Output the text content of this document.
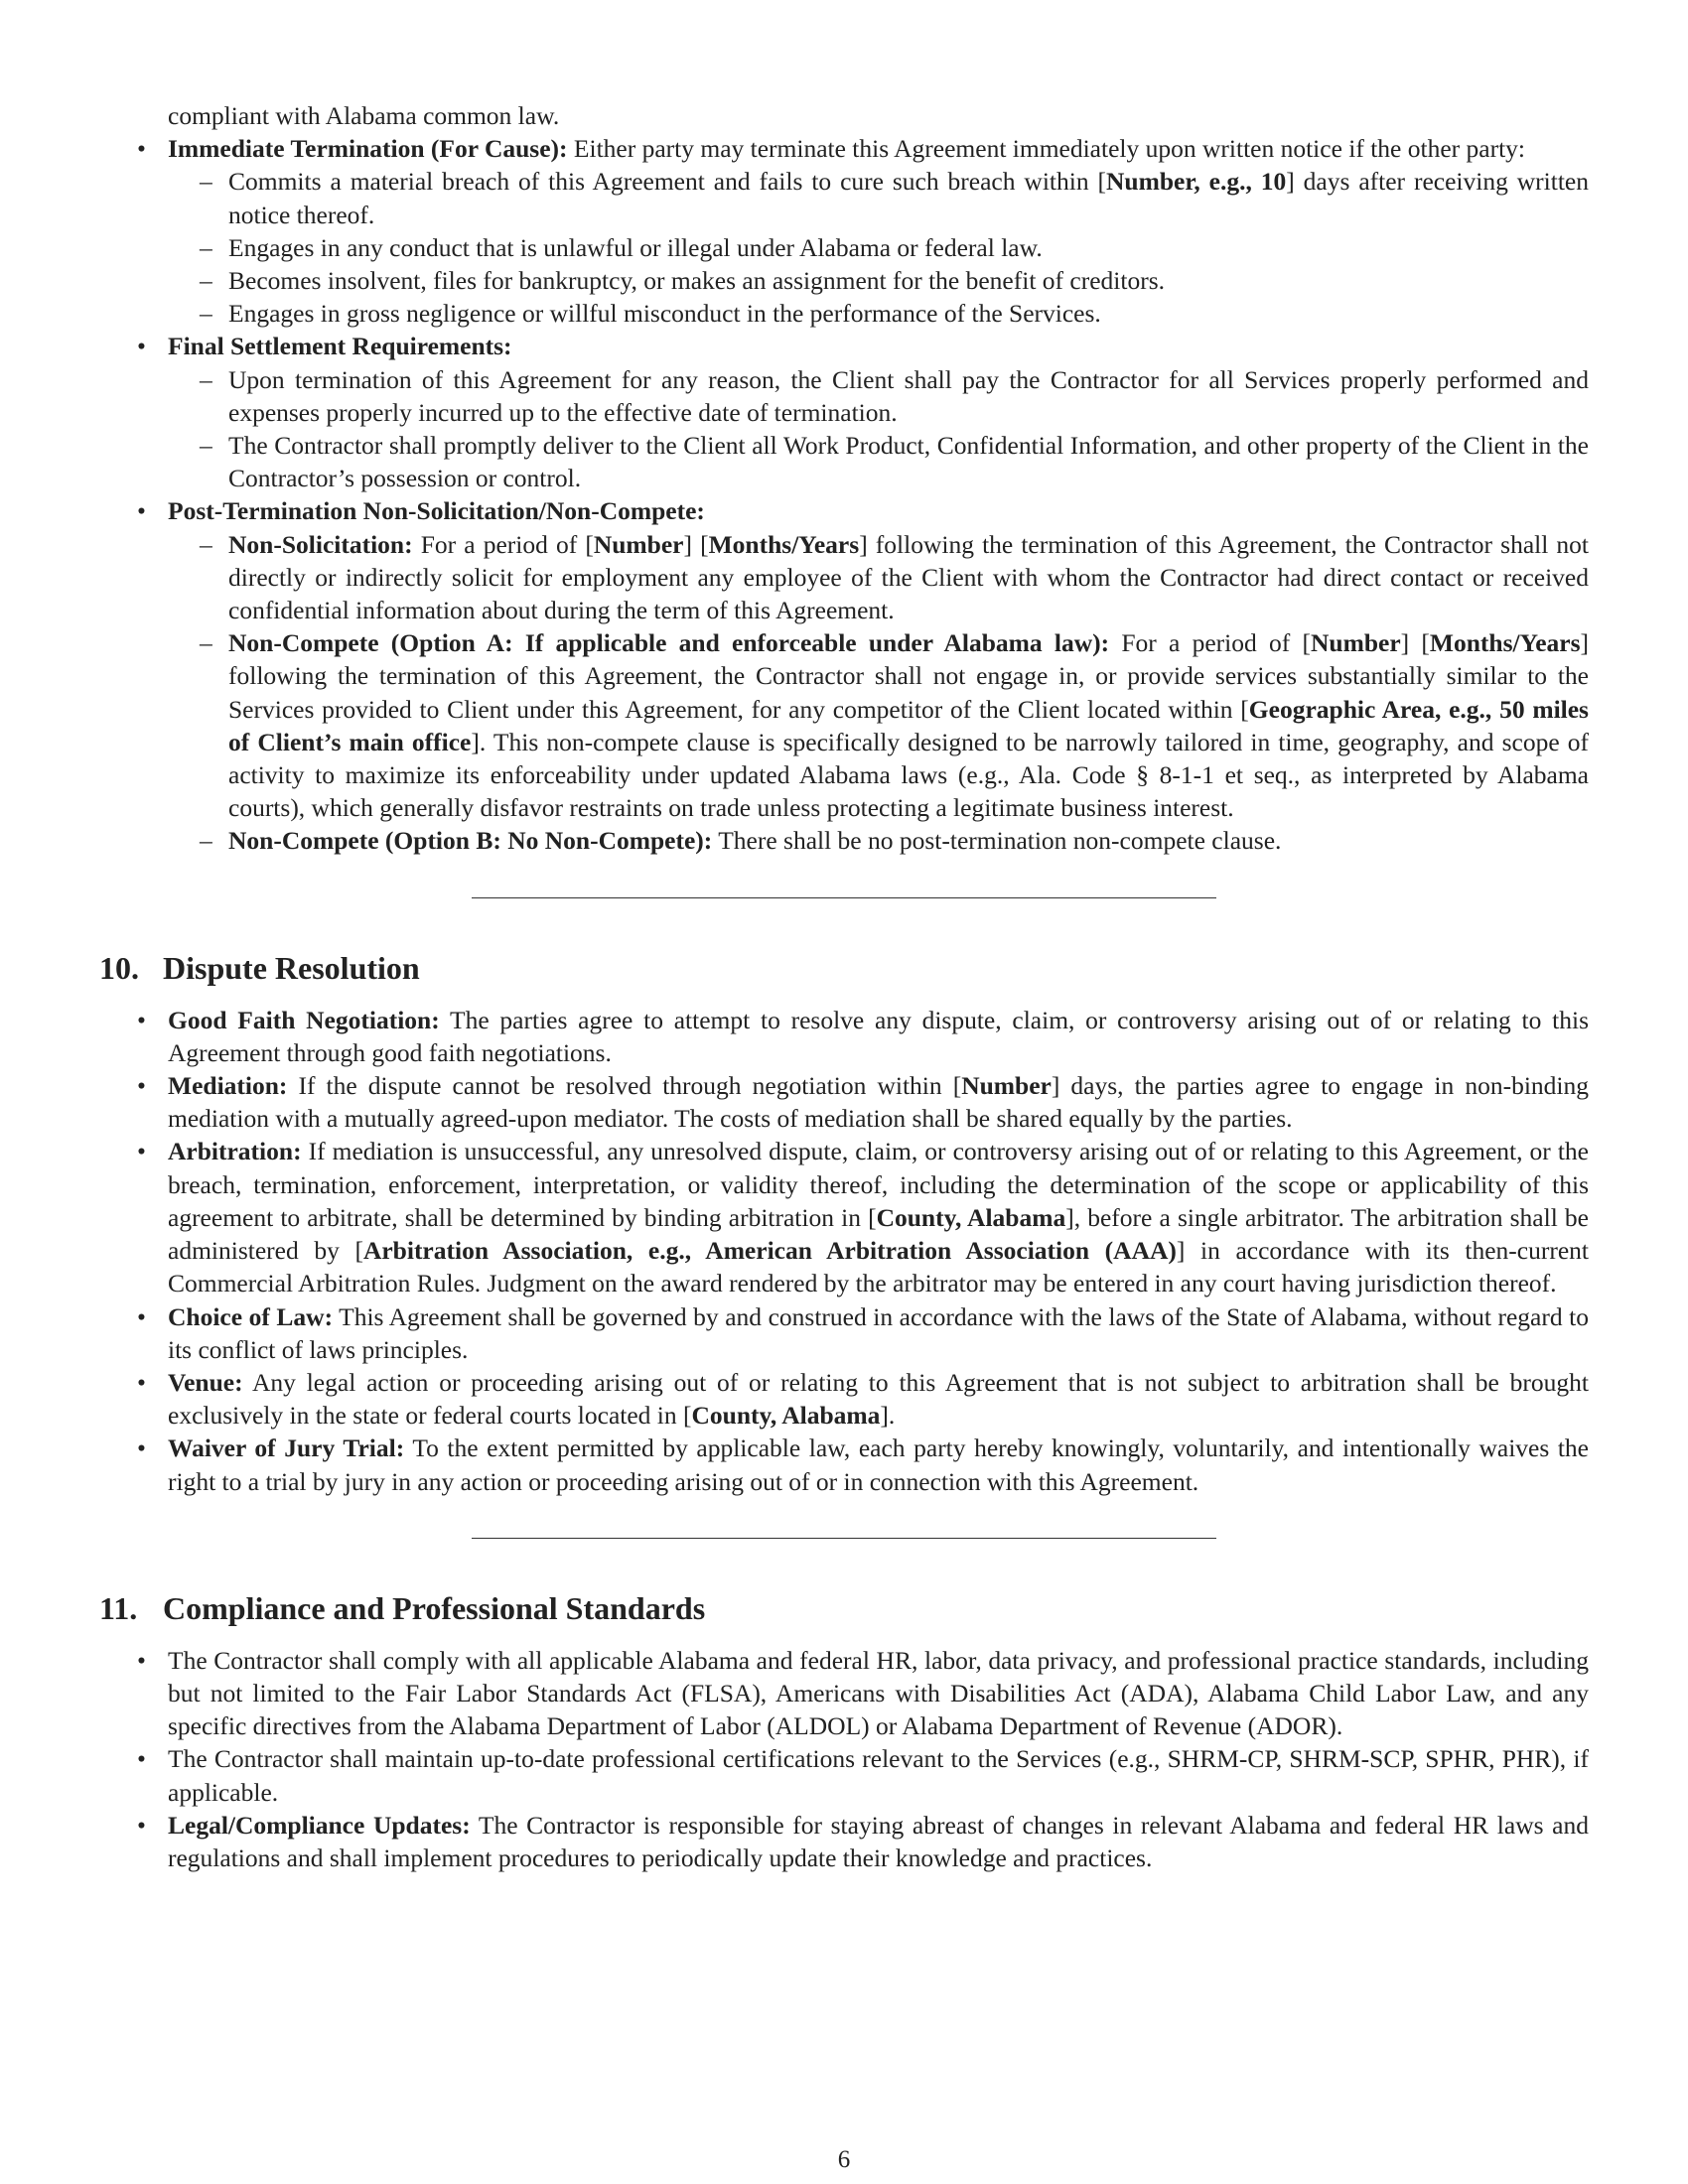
compliant with Alabama common law.

• Immediate Termination (For Cause): Either party may terminate this Agreement immediately upon written notice if the other party:
– Commits a material breach of this Agreement and fails to cure such breach within [Number, e.g., 10] days after receiving written notice thereof.
– Engages in any conduct that is unlawful or illegal under Alabama or federal law.
– Becomes insolvent, files for bankruptcy, or makes an assignment for the benefit of creditors.
– Engages in gross negligence or willful misconduct in the performance of the Services.
• Final Settlement Requirements:
– Upon termination of this Agreement for any reason, the Client shall pay the Contractor for all Services properly performed and expenses properly incurred up to the effective date of termination.
– The Contractor shall promptly deliver to the Client all Work Product, Confidential Information, and other property of the Client in the Contractor’s possession or control.
• Post-Termination Non-Solicitation/Non-Compete:
– Non-Solicitation: For a period of [Number] [Months/Years] following the termination of this Agreement, the Contractor shall not directly or indirectly solicit for employment any employee of the Client with whom the Contractor had direct contact or received confidential information about during the term of this Agreement.
– Non-Compete (Option A: If applicable and enforceable under Alabama law): For a period of [Number] [Months/Years] following the termination of this Agreement, the Contractor shall not engage in, or provide services substantially similar to the Services provided to Client under this Agreement, for any competitor of the Client located within [Geographic Area, e.g., 50 miles of Client’s main office]. This non-compete clause is specifically designed to be narrowly tailored in time, geography, and scope of activity to maximize its enforceability under updated Alabama laws (e.g., Ala. Code § 8-1-1 et seq., as interpreted by Alabama courts), which generally disfavor restraints on trade unless protecting a legitimate business interest.
– Non-Compete (Option B: No Non-Compete): There shall be no post-termination non-compete clause.
10. Dispute Resolution
• Good Faith Negotiation: The parties agree to attempt to resolve any dispute, claim, or controversy arising out of or relating to this Agreement through good faith negotiations.
• Mediation: If the dispute cannot be resolved through negotiation within [Number] days, the parties agree to engage in non-binding mediation with a mutually agreed-upon mediator. The costs of mediation shall be shared equally by the parties.
• Arbitration: If mediation is unsuccessful, any unresolved dispute, claim, or controversy arising out of or relating to this Agreement, or the breach, termination, enforcement, interpretation, or validity thereof, including the determination of the scope or applicability of this agreement to arbitrate, shall be determined by binding arbitration in [County, Alabama], before a single arbitrator. The arbitration shall be administered by [Arbitration Association, e.g., American Arbitration Association (AAA)] in accordance with its then-current Commercial Arbitration Rules. Judgment on the award rendered by the arbitrator may be entered in any court having jurisdiction thereof.
• Choice of Law: This Agreement shall be governed by and construed in accordance with the laws of the State of Alabama, without regard to its conflict of laws principles.
• Venue: Any legal action or proceeding arising out of or relating to this Agreement that is not subject to arbitration shall be brought exclusively in the state or federal courts located in [County, Alabama].
• Waiver of Jury Trial: To the extent permitted by applicable law, each party hereby knowingly, voluntarily, and intentionally waives the right to a trial by jury in any action or proceeding arising out of or in connection with this Agreement.
11. Compliance and Professional Standards
• The Contractor shall comply with all applicable Alabama and federal HR, labor, data privacy, and professional practice standards, including but not limited to the Fair Labor Standards Act (FLSA), Americans with Disabilities Act (ADA), Alabama Child Labor Law, and any specific directives from the Alabama Department of Labor (ALDOL) or Alabama Department of Revenue (ADOR).
• The Contractor shall maintain up-to-date professional certifications relevant to the Services (e.g., SHRM-CP, SHRM-SCP, SPHR, PHR), if applicable.
• Legal/Compliance Updates: The Contractor is responsible for staying abreast of changes in relevant Alabama and federal HR laws and regulations and shall implement procedures to periodically update their knowledge and practices.
6
